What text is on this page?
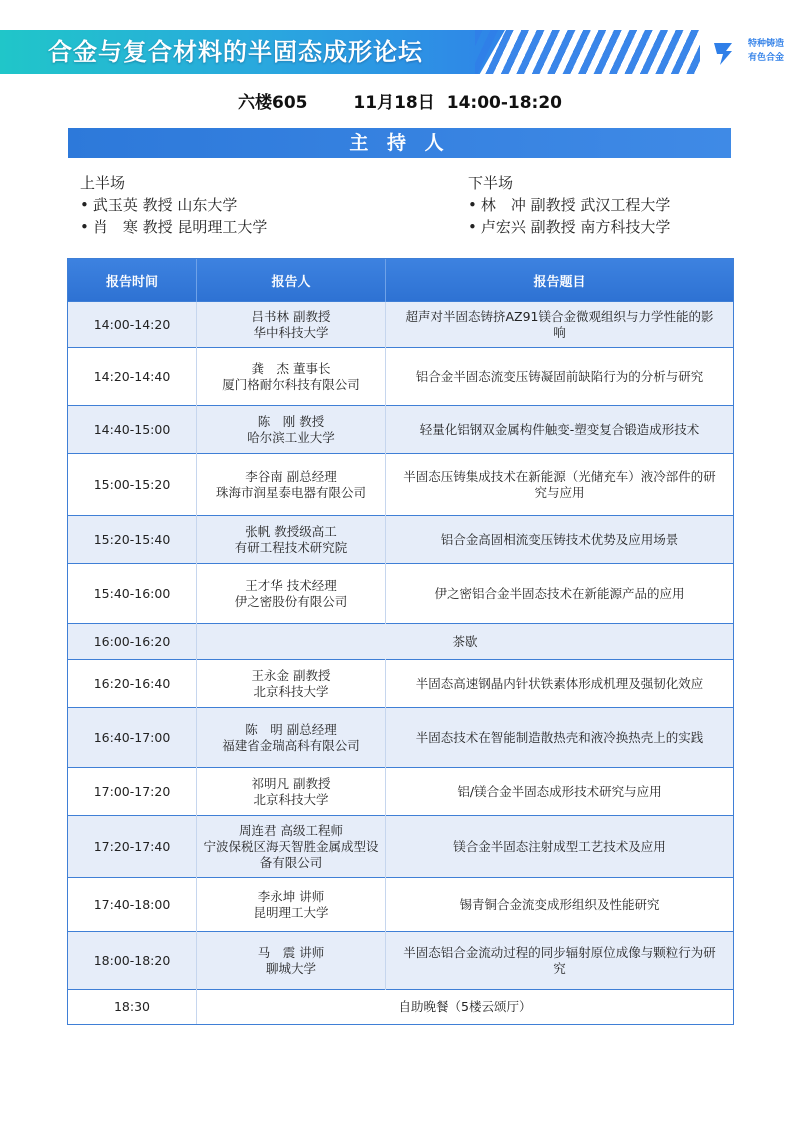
合金与复合材料的半固态成形论坛	特种铸造
有色合金
六楼605	11月18日 14:00-18:20
主 持 人
上半场
• 武玉英 教授 山东大学
• 肖　寒 教授 昆明理工大学
下半场
• 林　冲 副教授 武汉工程大学
• 卢宏兴 副教授 南方科技大学
报告时间	报告人	报告题目
14:00-14:20	吕书林 副教授
华中科技大学	超声对半固态铸挤AZ91镁合金微观组织与力学性能的影响
14:20-14:40	龚　杰 董事长
厦门格耐尔科技有限公司	铝合金半固态流变压铸凝固前缺陷行为的分析与研究
14:40-15:00	陈　刚 教授
哈尔滨工业大学	轻量化铝钢双金属构件触变-塑变复合锻造成形技术
15:00-15:20	李谷南 副总经理
珠海市润星泰电器有限公司	半固态压铸集成技术在新能源（光储充车）液冷部件的研究与应用
15:20-15:40	张帆 教授级高工
有研工程技术研究院	铝合金高固相流变压铸技术优势及应用场景
15:40-16:00	王才华 技术经理
伊之密股份有限公司	伊之密铝合金半固态技术在新能源产品的应用
16:00-16:20	茶歇	
16:20-16:40	王永金 副教授
北京科技大学	半固态高速钢晶内针状铁素体形成机理及强韧化效应
16:40-17:00	陈　明 副总经理
福建省金瑞高科有限公司	半固态技术在智能制造散热壳和液冷换热壳上的实践
17:00-17:20	祁明凡 副教授
北京科技大学	铝/镁合金半固态成形技术研究与应用
17:20-17:40	周连君 高级工程师
宁波保税区海天智胜金属成型设备有限公司	镁合金半固态注射成型工艺技术及应用
17:40-18:00	李永坤 讲师
昆明理工大学	锡青铜合金流变成形组织及性能研究
18:00-18:20	马　震 讲师
聊城大学	半固态铝合金流动过程的同步辐射原位成像与颗粒行为研究
18:30	自助晚餐（5楼云颂厅）	
